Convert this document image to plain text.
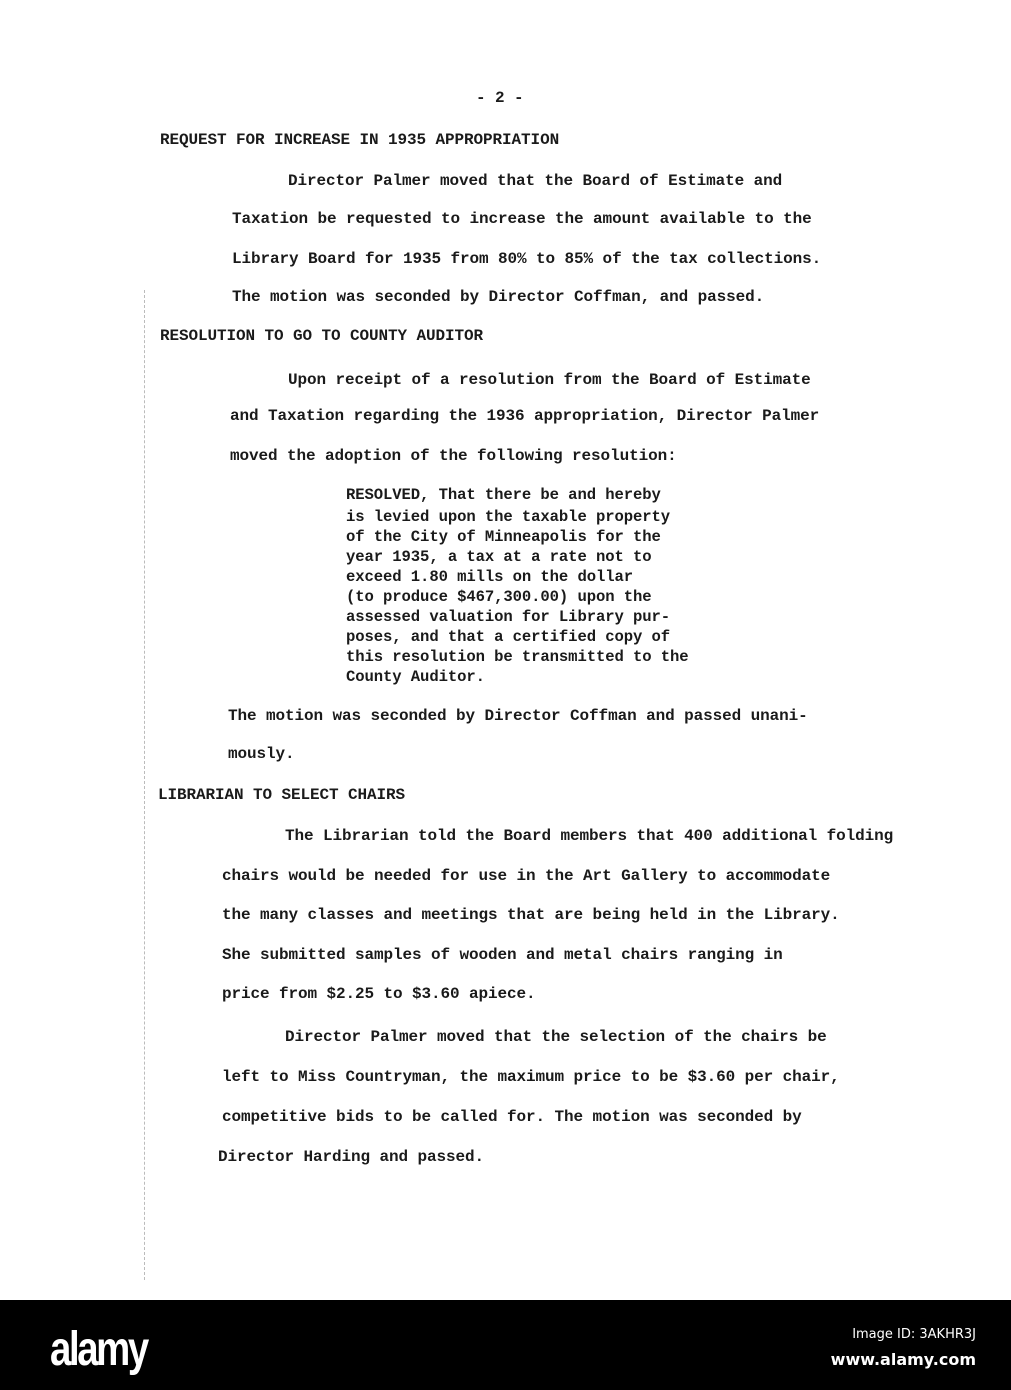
- 2 -
REQUEST FOR INCREASE IN 1935 APPROPRIATION
Director Palmer moved that the Board of Estimate and
Taxation be requested to increase the amount available to the
Library Board for 1935 from 80% to 85% of the tax collections.
The motion was seconded by Director Coffman, and passed.
RESOLUTION TO GO TO COUNTY AUDITOR
Upon receipt of a resolution from the Board of Estimate
and Taxation regarding the 1936 appropriation, Director Palmer
moved the adoption of the following resolution:
RESOLVED, That there be and hereby
is levied upon the taxable property
of the City of Minneapolis for the
year 1935, a tax at a rate not to
exceed 1.80 mills on the dollar
(to produce $467,300.00) upon the
assessed valuation for Library pur-
poses, and that a certified copy of
this resolution be transmitted to the
County Auditor.
The motion was seconded by Director Coffman and passed unani-
mously.
LIBRARIAN TO SELECT CHAIRS
The Librarian told the Board members that 400 additional folding
chairs would be needed for use in the Art Gallery to accommodate
the many classes and meetings that are being held in the Library.
She submitted samples of wooden and metal chairs ranging in
price from $2.25 to $3.60 apiece.
Director Palmer moved that the selection of the chairs be
left to Miss Countryman, the maximum price to be $3.60 per chair,
competitive bids to be called for. The motion was seconded by
Director Harding and passed.
alamy	Image ID: 3AKHR3J
www.alamy.com
